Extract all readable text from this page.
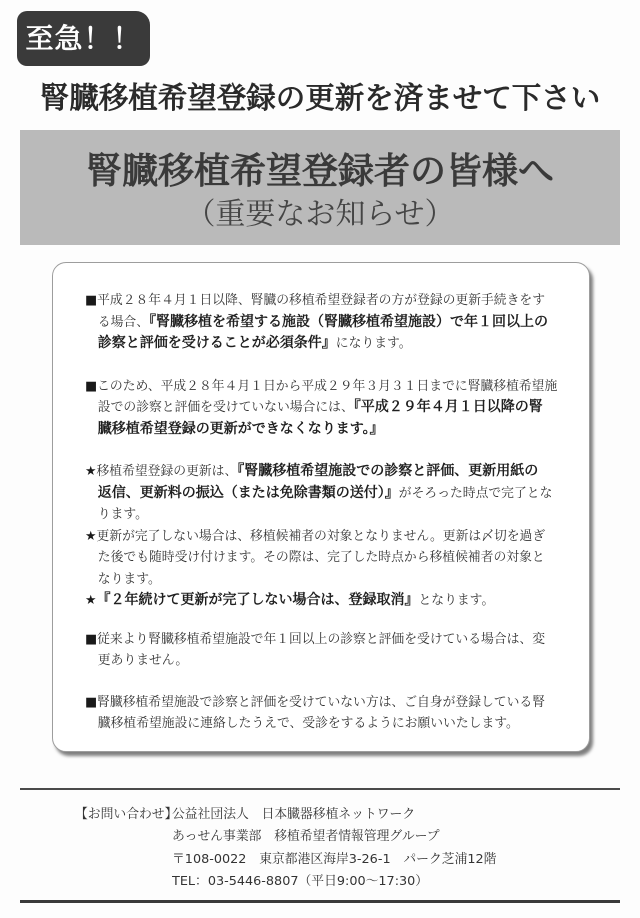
至急！！
腎臓移植希望登録の更新を済ませて下さい
腎臓移植希望登録者の皆様へ
（重要なお知らせ）
■平成２８年４月１日以降、腎臓の移植希望登録者の方が登録の更新手続きをす
る場合、『腎臓移植を希望する施設（腎臓移植希望施設）で年１回以上の
診察と評価を受けることが必須条件』になります。
■このため、平成２８年４月１日から平成２９年３月３１日までに腎臓移植希望施
設での診察と評価を受けていない場合には、『平成２９年４月１日以降の腎
臓移植希望登録の更新ができなくなります。』
★移植希望登録の更新は、『腎臓移植希望施設での診察と評価、更新用紙の
返信、更新料の振込（または免除書類の送付）』がそろった時点で完了とな
ります。
★更新が完了しない場合は、移植候補者の対象となりません。更新は〆切を過ぎ
た後でも随時受け付けます。その際は、完了した時点から移植候補者の対象と
なります。
★『２年続けて更新が完了しない場合は、登録取消』となります。
■従来より腎臓移植希望施設で年１回以上の診察と評価を受けている場合は、変
更ありません。
■腎臓移植希望施設で診察と評価を受けていない方は、ご自身が登録している腎
臓移植希望施設に連絡したうえで、受診をするようにお願いいたします。
【お問い合わせ】
公益社団法人　日本臓器移植ネットワーク
あっせん事業部　移植希望者情報管理グループ
〒108-0022　東京都港区海岸3-26-1　パーク芝浦12階
TEL：03-5446-8807（平日9:00〜17:30）
